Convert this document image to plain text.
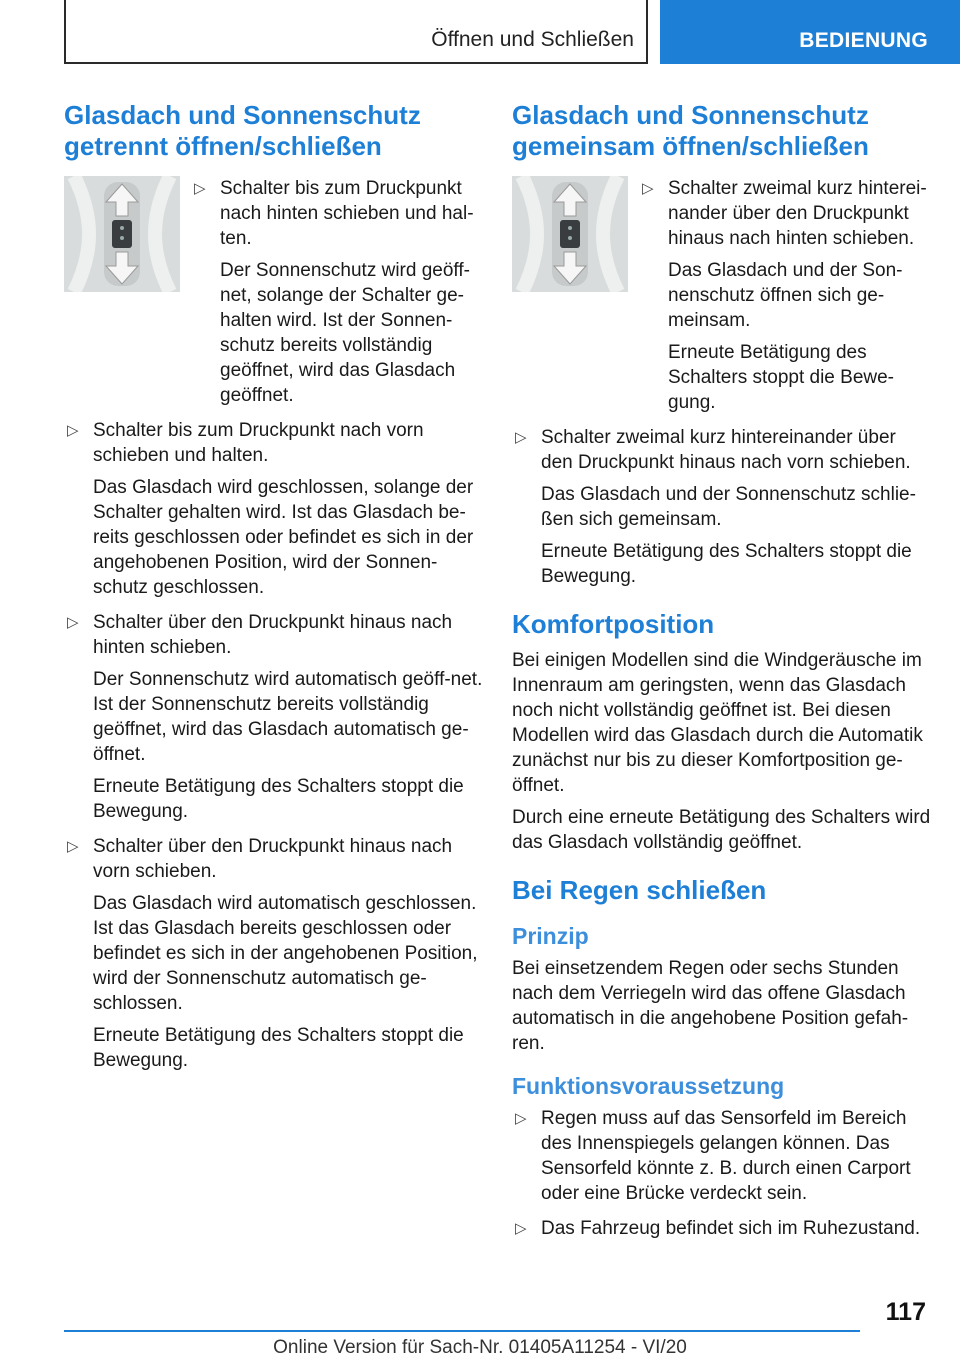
Öffnen und Schließen	BEDIENUNG
Glasdach und Sonnenschutz getrennt öffnen/schließen
▷ Schalter bis zum Druckpunkt nach hinten schieben und hal-ten.

Der Sonnenschutz wird geöff-net, solange der Schalter ge-halten wird. Ist der Sonnen-schutz bereits vollständig geöffnet, wird das Glasdach geöffnet.

▷ Schalter bis zum Druckpunkt nach vorn schieben und halten.

Das Glasdach wird geschlossen, solange der Schalter gehalten wird. Ist das Glasdach be-reits geschlossen oder befindet es sich in der angehobenen Position, wird der Sonnen-schutz geschlossen.

▷ Schalter über den Druckpunkt hinaus nach hinten schieben.

Der Sonnenschutz wird automatisch geöff-net. Ist der Sonnenschutz bereits vollständig geöffnet, wird das Glasdach automatisch ge-öffnet.

Erneute Betätigung des Schalters stoppt die Bewegung.

▷ Schalter über den Druckpunkt hinaus nach vorn schieben.

Das Glasdach wird automatisch geschlossen. Ist das Glasdach bereits geschlossen oder befindet es sich in der angehobenen Position, wird der Sonnenschutz automatisch ge-schlossen.

Erneute Betätigung des Schalters stoppt die Bewegung.

Glasdach und Sonnenschutz gemeinsam öffnen/schließen
▷ Schalter zweimal kurz hinterei-nander über den Druckpunkt hinaus nach hinten schieben.

Das Glasdach und der Son-nenschutz öffnen sich ge-meinsam.

Erneute Betätigung des Schalters stoppt die Bewe-gung.

▷ Schalter zweimal kurz hintereinander über den Druckpunkt hinaus nach vorn schieben.

Das Glasdach und der Sonnenschutz schlie-ßen sich gemeinsam.

Erneute Betätigung des Schalters stoppt die Bewegung.

Komfortposition

Bei einigen Modellen sind die Windgeräusche im Innenraum am geringsten, wenn das Glasdach noch nicht vollständig geöffnet ist. Bei diesen Modellen wird das Glasdach durch die Automatik zunächst nur bis zu dieser Komfortposition ge-öffnet.

Durch eine erneute Betätigung des Schalters wird das Glasdach vollständig geöffnet.

Bei Regen schließen
Prinzip

Bei einsetzendem Regen oder sechs Stunden nach dem Verriegeln wird das offene Glasdach automatisch in die angehobene Position gefah-ren.

Funktionsvoraussetzung
▷ Regen muss auf das Sensorfeld im Bereich des Innenspiegels gelangen können. Das Sensorfeld könnte z. B. durch einen Carport oder eine Brücke verdeckt sein.

▷ Das Fahrzeug befindet sich im Ruhezustand.

117
Online Version für Sach-Nr. 01405A11254 - VI/20
